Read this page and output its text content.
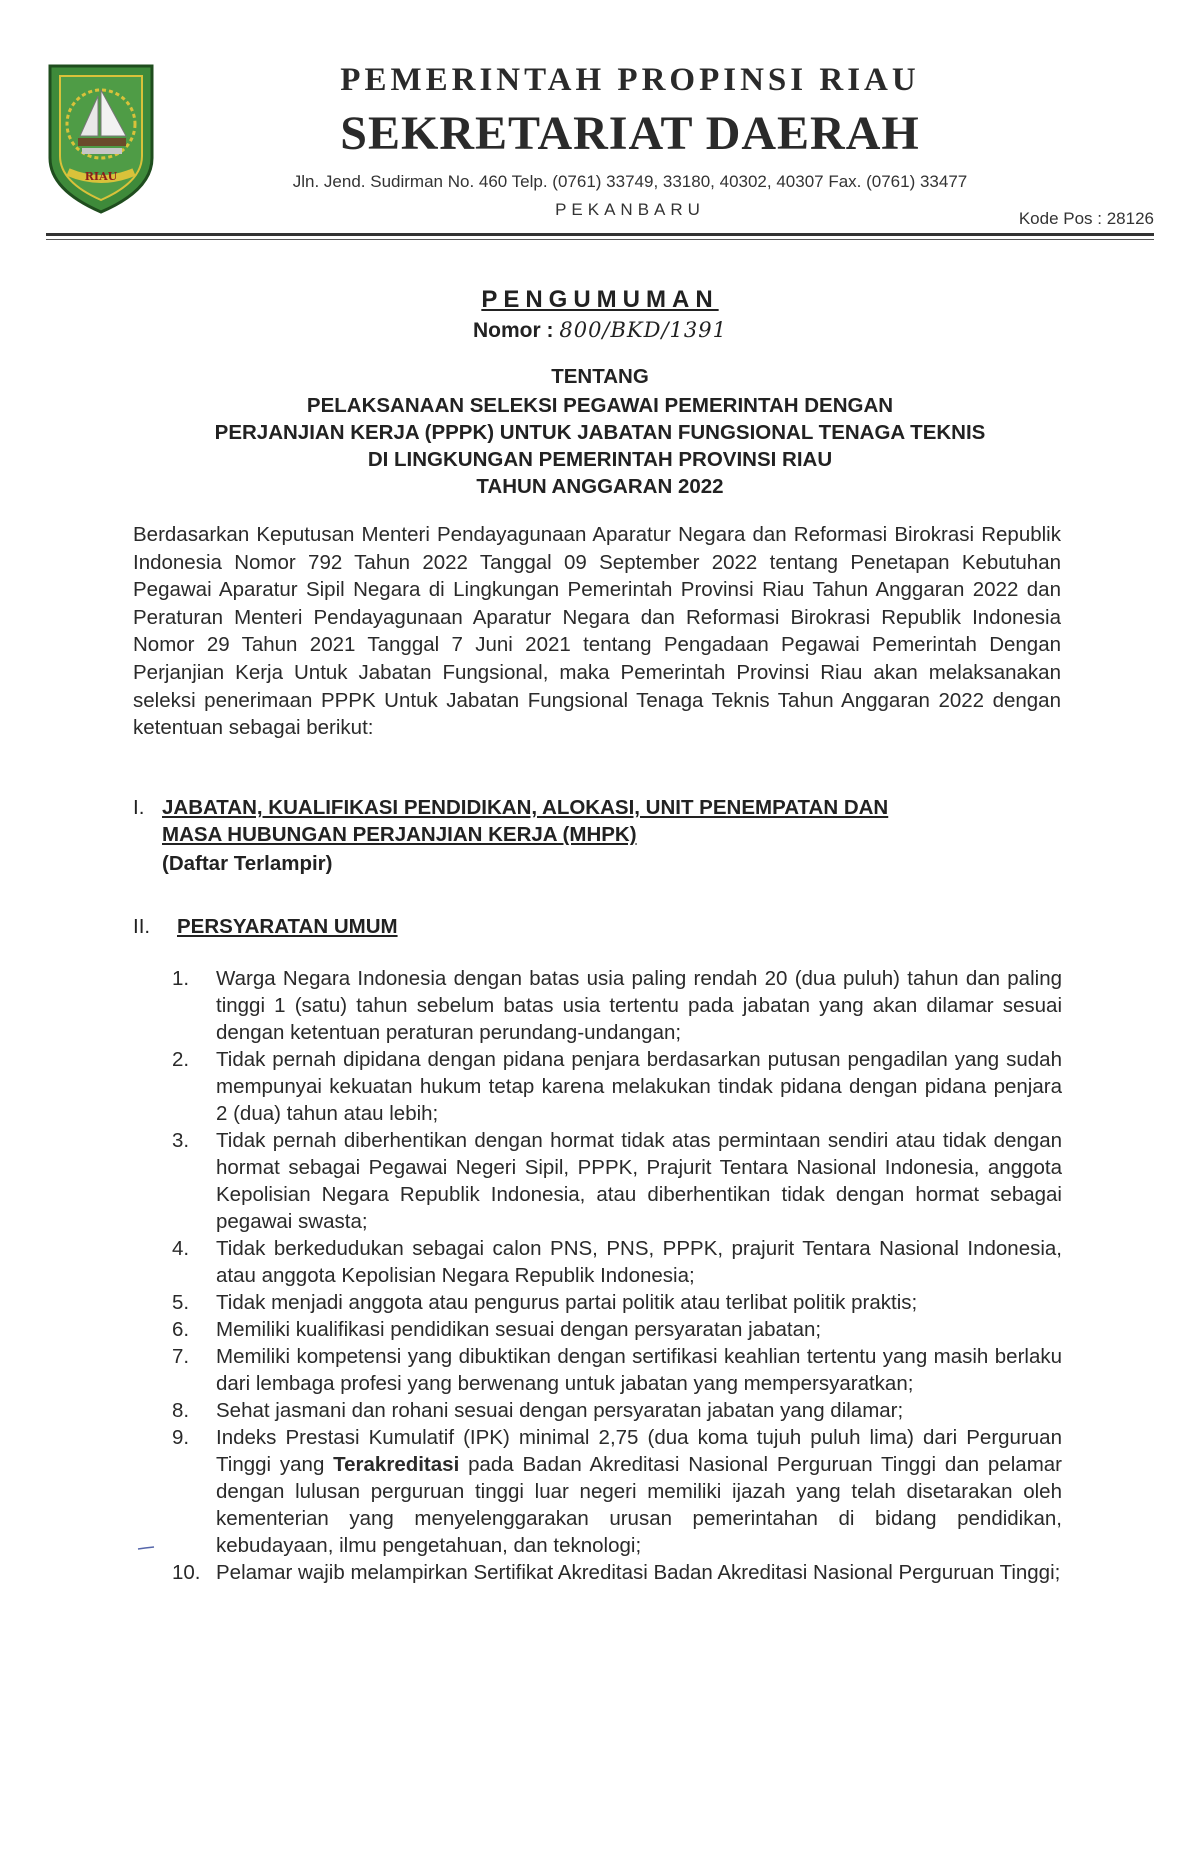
RIAU
PEMERINTAH PROPINSI RIAU
SEKRETARIAT DAERAH
Jln. Jend. Sudirman No. 460 Telp. (0761) 33749, 33180, 40302, 40307 Fax. (0761) 33477
PEKANBARU	Kode Pos : 28126
PENGUMUMAN
Nomor : 800/BKD/1391
TENTANG
PELAKSANAAN SELEKSI PEGAWAI PEMERINTAH DENGAN
PERJANJIAN KERJA (PPPK) UNTUK JABATAN FUNGSIONAL TENAGA TEKNIS
DI LINGKUNGAN PEMERINTAH PROVINSI RIAU
TAHUN ANGGARAN 2022
Berdasarkan Keputusan Menteri Pendayagunaan Aparatur Negara dan Reformasi Birokrasi Republik Indonesia Nomor 792 Tahun 2022 Tanggal 09 September 2022 tentang Penetapan Kebutuhan Pegawai Aparatur Sipil Negara di Lingkungan Pemerintah Provinsi Riau Tahun Anggaran 2022 dan Peraturan Menteri Pendayagunaan Aparatur Negara dan Reformasi Birokrasi Republik Indonesia Nomor 29 Tahun 2021 Tanggal 7 Juni 2021 tentang Pengadaan Pegawai Pemerintah Dengan Perjanjian Kerja Untuk Jabatan Fungsional, maka Pemerintah Provinsi Riau akan melaksanakan seleksi penerimaan PPPK Untuk Jabatan Fungsional Tenaga Teknis Tahun Anggaran 2022 dengan ketentuan sebagai berikut:
I. JABATAN, KUALIFIKASI PENDIDIKAN, ALOKASI, UNIT PENEMPATAN DAN
MASA HUBUNGAN PERJANJIAN KERJA (MHPK)
(Daftar Terlampir)
II. PERSYARATAN UMUM
1.	Warga Negara Indonesia dengan batas usia paling rendah 20 (dua puluh) tahun dan paling tinggi 1 (satu) tahun sebelum batas usia tertentu pada jabatan yang akan dilamar sesuai dengan ketentuan peraturan perundang-undangan;
2.	Tidak pernah dipidana dengan pidana penjara berdasarkan putusan pengadilan yang sudah mempunyai kekuatan hukum tetap karena melakukan tindak pidana dengan pidana penjara 2 (dua) tahun atau lebih;
3.	Tidak pernah diberhentikan dengan hormat tidak atas permintaan sendiri atau tidak dengan hormat sebagai Pegawai Negeri Sipil, PPPK, Prajurit Tentara Nasional Indonesia, anggota Kepolisian Negara Republik Indonesia, atau diberhentikan tidak dengan hormat sebagai pegawai swasta;
4.	Tidak berkedudukan sebagai calon PNS, PNS, PPPK, prajurit Tentara Nasional Indonesia, atau anggota Kepolisian Negara Republik Indonesia;
5.	Tidak menjadi anggota atau pengurus partai politik atau terlibat politik praktis;
6.	Memiliki kualifikasi pendidikan sesuai dengan persyaratan jabatan;
7.	Memiliki kompetensi yang dibuktikan dengan sertifikasi keahlian tertentu yang masih berlaku dari lembaga profesi yang berwenang untuk jabatan yang mempersyaratkan;
8.	Sehat jasmani dan rohani sesuai dengan persyaratan jabatan yang dilamar;
9.	Indeks Prestasi Kumulatif (IPK) minimal 2,75 (dua koma tujuh puluh lima) dari Perguruan Tinggi yang Terakreditasi pada Badan Akreditasi Nasional Perguruan Tinggi dan pelamar dengan lulusan perguruan tinggi luar negeri memiliki ijazah yang telah disetarakan oleh kementerian yang menyelenggarakan urusan pemerintahan di bidang pendidikan, kebudayaan, ilmu pengetahuan, dan teknologi;
10. Pelamar wajib melampirkan Sertifikat Akreditasi Badan Akreditasi Nasional Perguruan Tinggi;
